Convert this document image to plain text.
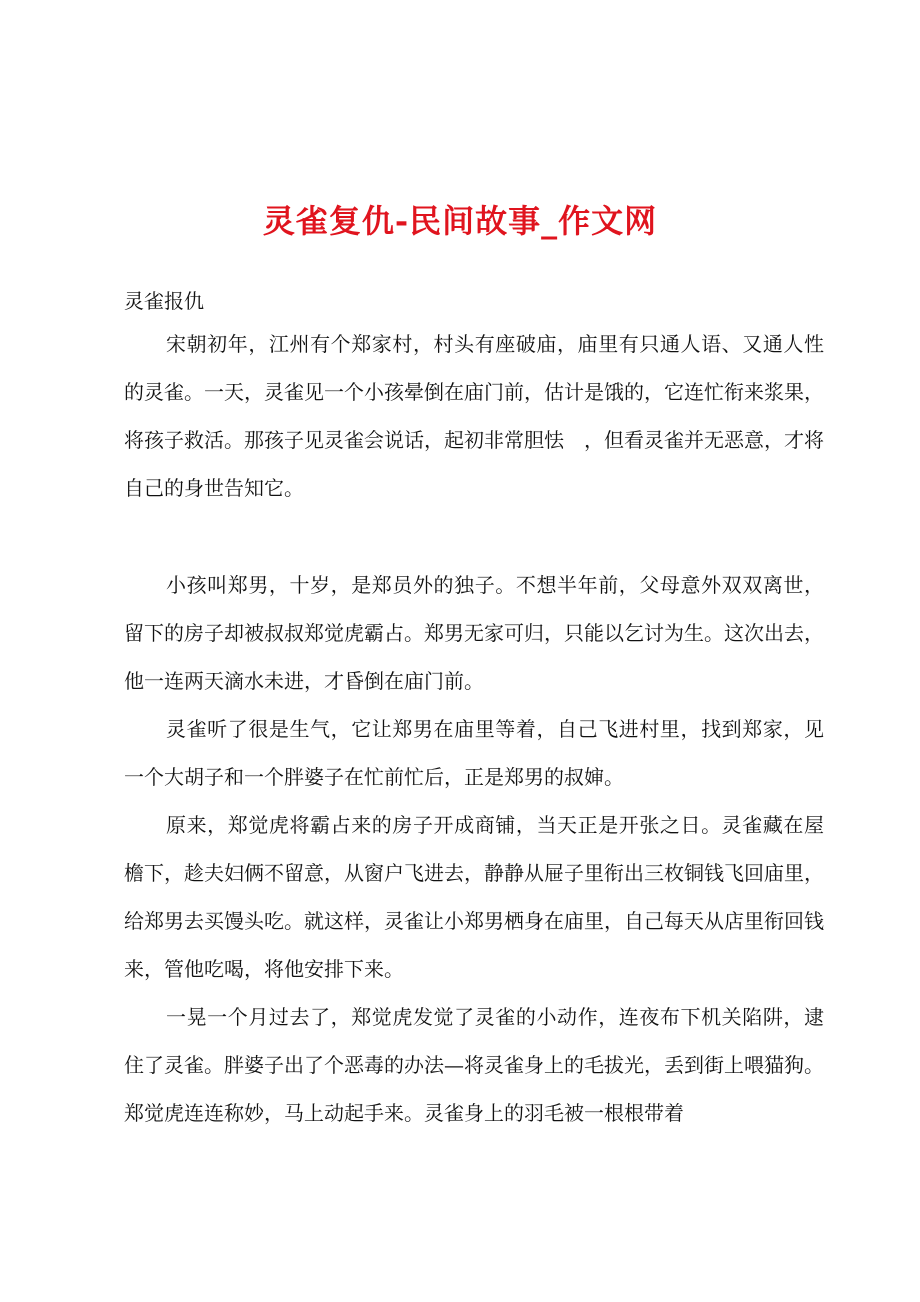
灵雀复仇-民间故事_作文网
灵雀报仇

宋朝初年，江州有个郑家村，村头有座破庙，庙里有只通人语、又通人性的灵雀。一天，灵雀见一个小孩晕倒在庙门前，估计是饿的，它连忙衔来浆果，将孩子救活。那孩子见灵雀会说话，起初非常胆怯　，但看灵雀并无恶意，才将自己的身世告知它。

小孩叫郑男，十岁，是郑员外的独子。不想半年前，父母意外双双离世，留下的房子却被叔叔郑觉虎霸占。郑男无家可归，只能以乞讨为生。这次出去，他一连两天滴水未进，才昏倒在庙门前。

灵雀听了很是生气，它让郑男在庙里等着，自己飞进村里，找到郑家，见一个大胡子和一个胖婆子在忙前忙后，正是郑男的叔婶。

原来，郑觉虎将霸占来的房子开成商铺，当天正是开张之日。灵雀藏在屋檐下，趁夫妇俩不留意，从窗户飞进去，静静从屉子里衔出三枚铜钱飞回庙里，给郑男去买馒头吃。就这样，灵雀让小郑男栖身在庙里，自己每天从店里衔回钱来，管他吃喝，将他安排下来。

一晃一个月过去了，郑觉虎发觉了灵雀的小动作，连夜布下机关陷阱，逮住了灵雀。胖婆子出了个恶毒的办法—将灵雀身上的毛拔光，丢到街上喂猫狗。郑觉虎连连称妙，马上动起手来。灵雀身上的羽毛被一根根带着
